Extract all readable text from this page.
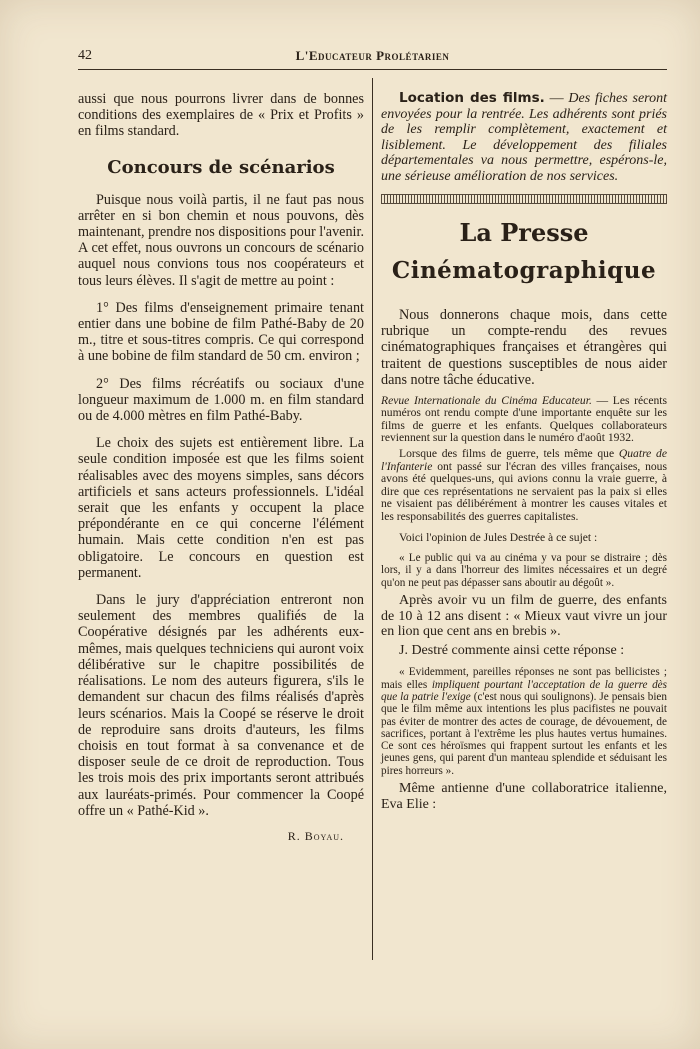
42	L'Educateur Prolétarien

aussi que nous pourrons livrer dans de bonnes conditions des exemplaires de « Prix et Profits » en films standard.

Concours de scénarios

Puisque nous voilà partis, il ne faut pas nous arrêter en si bon chemin et nous pouvons, dès maintenant, prendre nos dispositions pour l'avenir. A cet effet, nous ouvrons un concours de scénario auquel nous convions tous nos coopérateurs et tous leurs élèves. Il s'agit de mettre au point :

1° Des films d'enseignement primaire tenant entier dans une bobine de film Pathé-Baby de 20 m., titre et sous-titres compris. Ce qui correspond à une bobine de film standard de 50 cm. environ ;

2° Des films récréatifs ou sociaux d'une longueur maximum de 1.000 m. en film standard ou de 4.000 mètres en film Pathé-Baby.

Le choix des sujets est entièrement libre. La seule condition imposée est que les films soient réalisables avec des moyens simples, sans décors artificiels et sans acteurs professionnels. L'idéal serait que les enfants y occupent la place prépondérante en ce qui concerne l'élément humain. Mais cette condition n'en est pas obligatoire. Le concours en question est permanent.

Dans le jury d'appréciation entreront non seulement des membres qualifiés de la Coopérative désignés par les adhérents eux-mêmes, mais quelques techniciens qui auront voix délibérative sur le chapitre possibilités de réalisations. Le nom des auteurs figurera, s'ils le demandent sur chacun des films réalisés d'après leurs scénarios. Mais la Coopé se réserve le droit de reproduire sans droits d'auteurs, les films choisis en tout format à sa convenance et de disposer seule de ce droit de reproduction. Tous les trois mois des prix importants seront attribués aux lauréats-primés. Pour commencer la Coopé offre un « Pathé-Kid ».

R. Boyau.

Location des films. — Des fiches seront envoyées pour la rentrée. Les adhérents sont priés de les remplir complètement, exactement et lisiblement. Le développement des filiales départementales va nous permettre, espérons-le, une sérieuse amélioration de nos services.

La Presse
Cinématographique

Nous donnerons chaque mois, dans cette rubrique un compte-rendu des revues cinématographiques françaises et étrangères qui traitent de questions susceptibles de nous aider dans notre tâche éducative.

Revue Internationale du Cinéma Educateur. — Les récents numéros ont rendu compte d'une importante enquête sur les films de guerre et les enfants. Quelques collaborateurs reviennent sur la question dans le numéro d'août 1932.

Lorsque des films de guerre, tels même que Quatre de l'Infanterie ont passé sur l'écran des villes françaises, nous avons été quelques-uns, qui avions connu la vraie guerre, à dire que ces représentations ne servaient pas la paix si elles ne visaient pas délibérément à montrer les causes vitales et les responsabilités des guerres capitalistes.

Voici l'opinion de Jules Destrée à ce sujet :

« Le public qui va au cinéma y va pour se distraire ; dès lors, il y a dans l'horreur des limites nécessaires et un degré qu'on ne peut pas dépasser sans aboutir au dégoût ».

Après avoir vu un film de guerre, des enfants de 10 à 12 ans disent : « Mieux vaut vivre un jour en lion que cent ans en brebis ».

J. Destré commente ainsi cette réponse :

« Evidemment, pareilles réponses ne sont pas bellicistes ; mais elles impliquent pourtant l'acceptation de la guerre dès que la patrie l'exige (c'est nous qui soulignons). Je pensais bien que le film même aux intentions les plus pacifistes ne pouvait pas éviter de montrer des actes de courage, de dévouement, de sacrifices, portant à l'extrême les plus hautes vertus humaines. Ce sont ces héroïsmes qui frappent surtout les enfants et les jeunes gens, qui parent d'un manteau splendide et séduisant les pires horreurs ».

Même antienne d'une collaboratrice italienne, Eva Elie :
